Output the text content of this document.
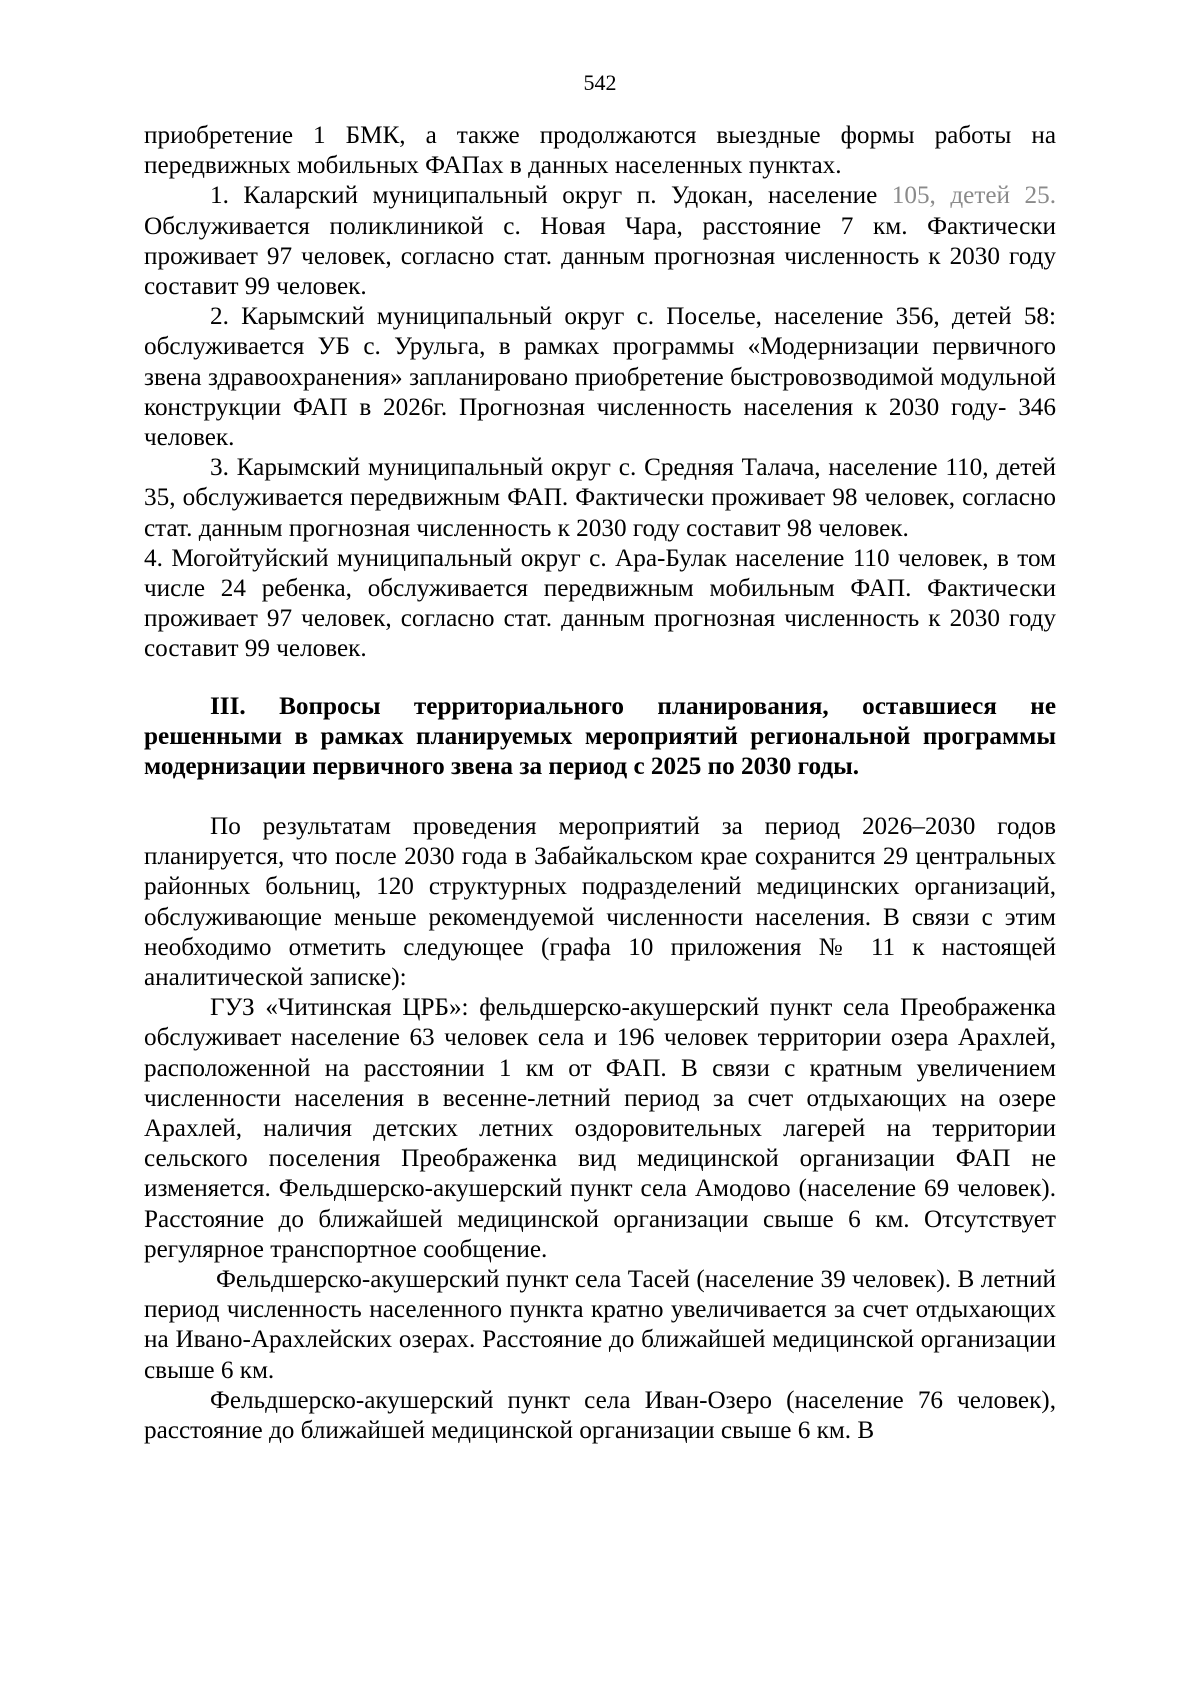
542

приобретение 1 БМК, а также продолжаются выездные формы работы на передвижных мобильных ФАПах в данных населенных пунктах.

1. Каларский муниципальный округ п. Удокан, население 105, детей 25. Обслуживается поликлиникой с. Новая Чара, расстояние 7 км. Фактически проживает 97 человек, согласно стат. данным прогнозная численность к 2030 году составит 99 человек.

2. Карымский муниципальный округ с. Поселье, население 356, детей 58: обслуживается УБ с. Урульга, в рамках программы «Модернизации первичного звена здравоохранения» запланировано приобретение быстровозводимой модульной конструкции ФАП в 2026г. Прогнозная численность населения к 2030 году- 346 человек.

3. Карымский муниципальный округ с. Средняя Талача, население 110, детей 35, обслуживается передвижным ФАП. Фактически проживает 98 человек, согласно стат. данным прогнозная численность к 2030 году составит 98 человек.

4. Могойтуйский муниципальный округ с. Ара-Булак население 110 человек, в том числе 24 ребенка, обслуживается передвижным мобильным ФАП. Фактически проживает 97 человек, согласно стат. данным прогнозная численность к 2030 году составит 99 человек.

III. Вопросы территориального планирования, оставшиеся не решенными в рамках планируемых мероприятий региональной программы модернизации первичного звена за период с 2025 по 2030 годы.

По результатам проведения мероприятий за период 2026–2030 годов планируется, что после 2030 года в Забайкальском крае сохранится 29 центральных районных больниц, 120 структурных подразделений медицинских организаций, обслуживающие меньше рекомендуемой численности населения. В связи с этим необходимо отметить следующее (графа 10 приложения № 11 к настоящей аналитической записке):

ГУЗ «Читинская ЦРБ»: фельдшерско-акушерский пункт села Преображенка обслуживает население 63 человек села и 196 человек территории озера Арахлей, расположенной на расстоянии 1 км от ФАП. В связи с кратным увеличением численности населения в весенне-летний период за счет отдыхающих на озере Арахлей, наличия детских летних оздоровительных лагерей на территории сельского поселения Преображенка вид медицинской организации ФАП не изменяется. Фельдшерско-акушерский пункт села Амодово (население 69 человек). Расстояние до ближайшей медицинской организации свыше 6 км. Отсутствует регулярное транспортное сообщение.

Фельдшерско-акушерский пункт села Тасей (население 39 человек). В летний период численность населенного пункта кратно увеличивается за счет отдыхающих на Ивано-Арахлейских озерах. Расстояние до ближайшей медицинской организации свыше 6 км.

Фельдшерско-акушерский пункт села Иван-Озеро (население 76 человек), расстояние до ближайшей медицинской организации свыше 6 км. В
